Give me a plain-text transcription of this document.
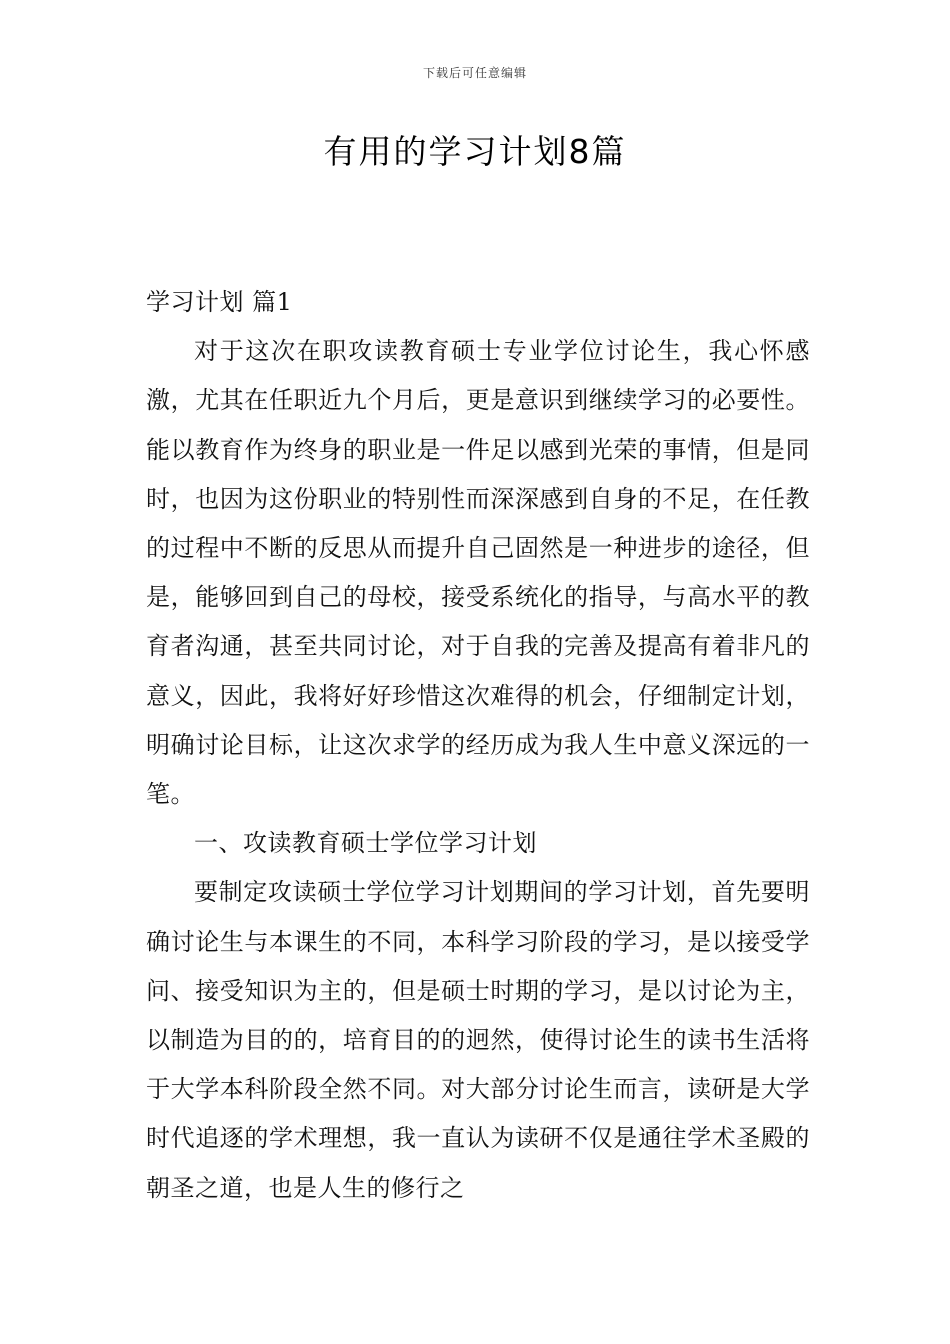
下载后可任意编辑
有用的学习计划8篇

学习计划 篇1

对于这次在职攻读教育硕士专业学位讨论生，我心怀感激，尤其在任职近九个月后，更是意识到继续学习的必要性。能以教育作为终身的职业是一件足以感到光荣的事情，但是同时，也因为这份职业的特别性而深深感到自身的不足，在任教的过程中不断的反思从而提升自己固然是一种进步的途径，但是，能够回到自己的母校，接受系统化的指导，与高水平的教育者沟通，甚至共同讨论，对于自我的完善及提高有着非凡的意义，因此，我将好好珍惜这次难得的机会，仔细制定计划，明确讨论目标，让这次求学的经历成为我人生中意义深远的一笔。

一、攻读教育硕士学位学习计划

要制定攻读硕士学位学习计划期间的学习计划，首先要明确讨论生与本课生的不同，本科学习阶段的学习，是以接受学问、接受知识为主的，但是硕士时期的学习，是以讨论为主，以制造为目的的，培育目的的迥然，使得讨论生的读书生活将于大学本科阶段全然不同。对大部分讨论生而言，读研是大学时代追逐的学术理想，我一直认为读研不仅是通往学术圣殿的朝圣之道，也是人生的修行之
